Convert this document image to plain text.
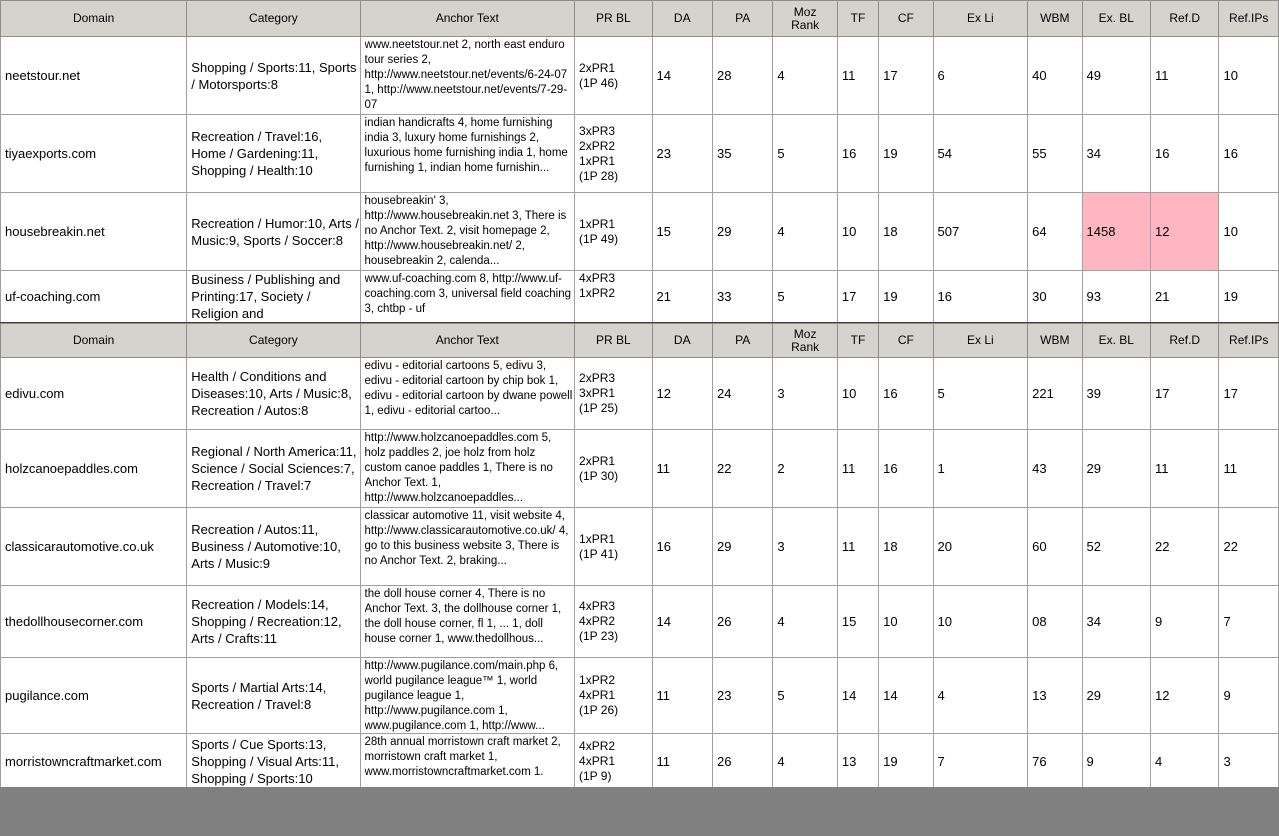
Domain	Category	Anchor Text	PR BL	DA	PA	Moz
Rank	TF	CF	Ex Li	WBM	Ex. BL	Ref.D	Ref.IPs

neetstour.net	Shopping / Sports:11, Sports / Motorsports:8	www.neetstour.net 2, north east enduro tour series 2, http://www.neetstour.net/events/6-24-07 1, http://www.neetstour.net/events/7-29-07	2xPR1
(1P 46)	14	28	4	11	17	6	40	49	11	10

tiyaexports.com	Recreation / Travel:16, Home / Gardening:11, Shopping / Health:10	indian handicrafts 4, home furnishing india 3, luxury home furnishings 2, luxurious home furnishing india 1, home furnishing 1, indian home furnishin...	3xPR3
2xPR2
1xPR1
(1P 28)	23	35	5	16	19	54	55	34	16	16

housebreakin.net	Recreation / Humor:10, Arts / Music:9, Sports / Soccer:8	housebreakin' 3, http://www.housebreakin.net 3, There is no Anchor Text. 2, visit homepage 2, http://www.housebreakin.net/ 2, housebreakin 2, calenda...	1xPR1
(1P 49)	15	29	4	10	18	507	64	1458	12	10

uf-coaching.com	Business / Publishing and Printing:17, Society / Religion and	www.uf-coaching.com 8, http://www.uf-coaching.com 3, universal field coaching 3, chtbp - uf	4xPR3
1xPR2	21	33	5	17	19	16	30	93	21	19
Domain	Category	Anchor Text	PR BL	DA	PA	Moz
Rank	TF	CF	Ex Li	WBM	Ex. BL	Ref.D	Ref.IPs

edivu.com	Health / Conditions and Diseases:10, Arts / Music:8, Recreation / Autos:8	edivu - editorial cartoons 5, edivu 3, edivu - editorial cartoon by chip bok 1, edivu - editorial cartoon by dwane powell 1, edivu - editorial cartoo...	2xPR3
3xPR1
(1P 25)	12	24	3	10	16	5	221	39	17	17

holzcanoepaddles.com	Regional / North America:11, Science / Social Sciences:7, Recreation / Travel:7	http://www.holzcanoepaddles.com 5, holz paddles 2, joe holz from holz custom canoe paddles 1, There is no Anchor Text. 1, http://www.holzcanoepaddles...	2xPR1
(1P 30)	11	22	2	11	16	1	43	29	11	11

classicarautomotive.co.uk	Recreation / Autos:11, Business / Automotive:10, Arts / Music:9	classicar automotive 11, visit website 4, http://www.classicarautomotive.co.uk/ 4, go to this business website 3, There is no Anchor Text. 2, braking...	1xPR1
(1P 41)	16	29	3	11	18	20	60	52	22	22

thedollhousecorner.com	Recreation / Models:14, Shopping / Recreation:12, Arts / Crafts:11	the doll house corner 4, There is no Anchor Text. 3, the dollhouse corner 1, the doll house corner, fl 1, ... 1, doll house corner 1, www.thedollhous...	4xPR3
4xPR2
(1P 23)	14	26	4	15	10	10	08	34	9	7

pugilance.com	Sports / Martial Arts:14, Recreation / Travel:8	http://www.pugilance.com/main.php 6, world pugilance league™ 1, world pugilance league 1, http://www.pugilance.com 1, www.pugilance.com 1, http://www...	1xPR2
4xPR1
(1P 26)	11	23	5	14	14	4	13	29	12	9

morristowncraftmarket.com	Sports / Cue Sports:13, Shopping / Visual Arts:11, Shopping / Sports:10	28th annual morristown craft market 2, morristown craft market 1, www.morristowncraftmarket.com 1.	4xPR2
4xPR1
(1P 9)	11	26	4	13	19	7	76	9	4	3
